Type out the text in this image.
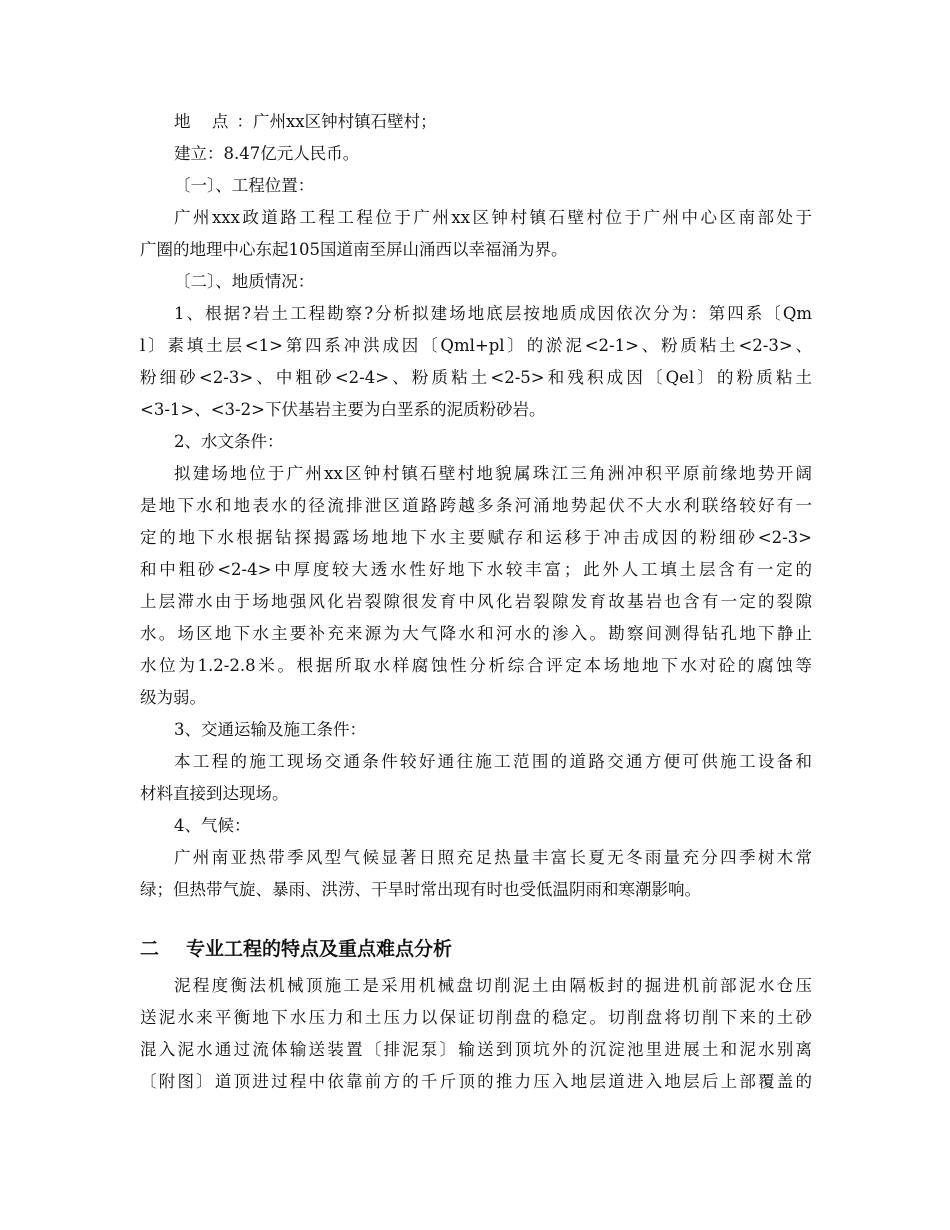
地 点：广州xx区钟村镇石壁村；

建立：8.47亿元人民币。

〔一〕、工程位置：

广州xxx政道路工程工程位于广州xx区钟村镇石壁村位于广州中心区南部处于

广圈的地理中心东起105国道南至屏山涌西以幸福涌为界。

〔二〕、地质情况：

1、根据?岩土工程勘察?分析拟建场地底层按地质成因依次分为：第四系〔Qm

l〕素填土层<1>第四系冲洪成因〔Qml+pl〕的淤泥<2-1>、粉质粘土<2-3>、

粉细砂<2-3>、中粗砂<2-4>、粉质粘土<2-5>和残积成因〔Qel〕的粉质粘土

<3-1>、<3-2>下伏基岩主要为白垩系的泥质粉砂岩。

2、水文条件：

拟建场地位于广州xx区钟村镇石壁村地貌属珠江三角洲冲积平原前缘地势开阔

是地下水和地表水的径流排泄区道路跨越多条河涌地势起伏不大水利联络较好有一

定的地下水根据钻探揭露场地地下水主要赋存和运移于冲击成因的粉细砂<2-3>

和中粗砂<2-4>中厚度较大透水性好地下水较丰富；此外人工填土层含有一定的

上层滞水由于场地强风化岩裂隙很发育中风化岩裂隙发育故基岩也含有一定的裂隙

水。场区地下水主要补充来源为大气降水和河水的渗入。勘察间测得钻孔地下静止

水位为1.2-2.8米。根据所取水样腐蚀性分析综合评定本场地地下水对砼的腐蚀等

级为弱。

3、交通运输及施工条件：

本工程的施工现场交通条件较好通往施工范围的道路交通方便可供施工设备和

材料直接到达现场。

4、气候：

广州南亚热带季风型气候显著日照充足热量丰富长夏无冬雨量充分四季树木常

绿；但热带气旋、暴雨、洪涝、干旱时常出现有时也受低温阴雨和寒潮影响。

二	专业工程的特点及重点难点分析

泥程度衡法机械顶施工是采用机械盘切削泥土由隔板封的掘进机前部泥水仓压

送泥水来平衡地下水压力和土压力以保证切削盘的稳定。切削盘将切削下来的土砂

混入泥水通过流体输送装置〔排泥泵〕输送到顶坑外的沉淀池里进展土和泥水别离

〔附图〕道顶进过程中依靠前方的千斤顶的推力压入地层道进入地层后上部覆盖的
